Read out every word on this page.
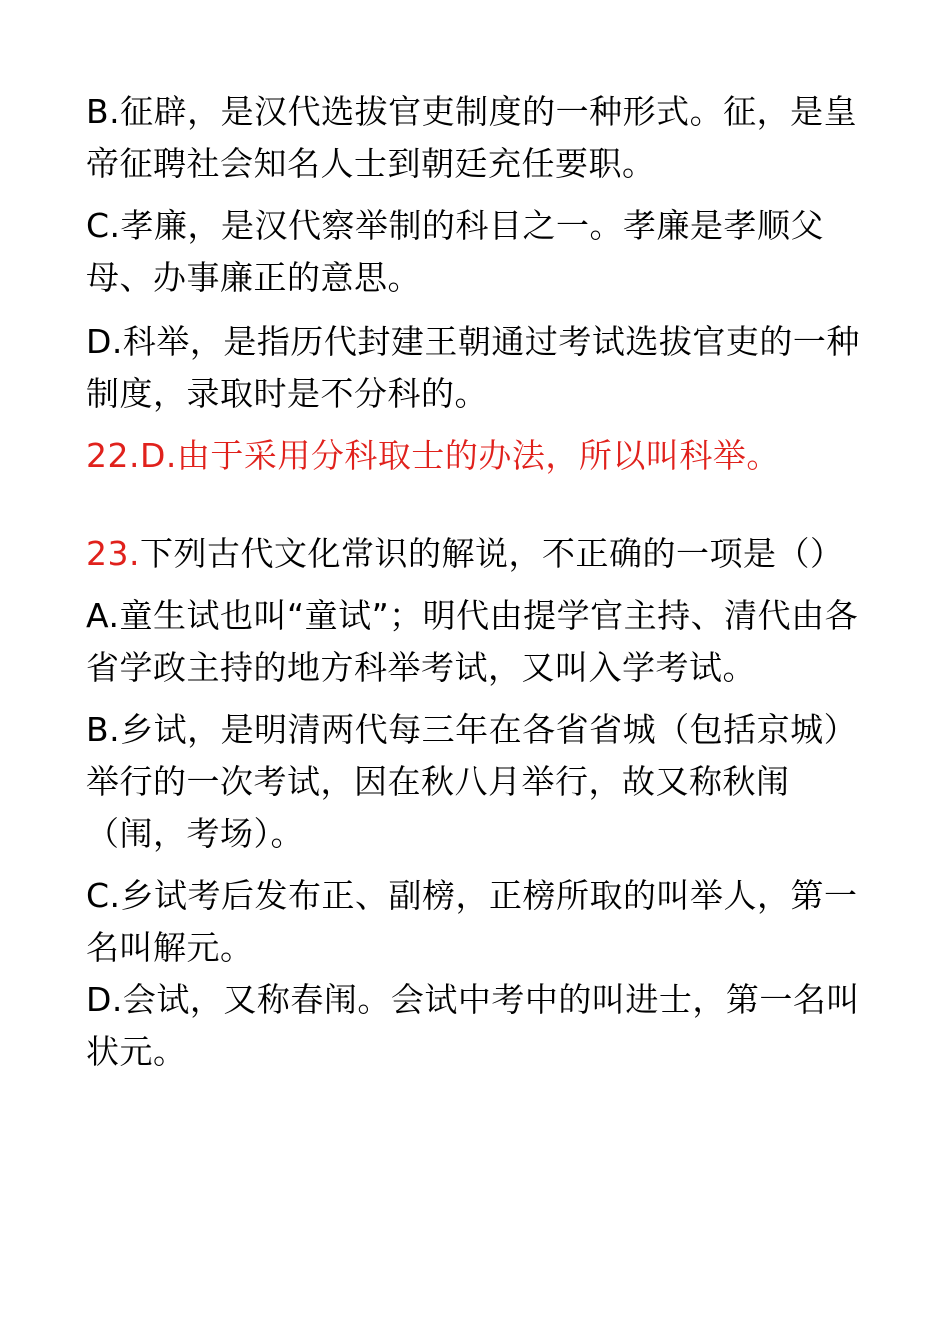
B.征辟，是汉代选拔官吏制度的一种形式。征，是皇帝征聘社会知名人士到朝廷充任要职。

C.孝廉，是汉代察举制的科目之一。孝廉是孝顺父母、办事廉正的意思。

D.科举，是指历代封建王朝通过考试选拔官吏的一种制度，录取时是不分科的。

22.D.由于采用分科取士的办法，所以叫科举。

23.下列古代文化常识的解说，不正确的一项是（）

A.童生试也叫“童试”；明代由提学官主持、清代由各省学政主持的地方科举考试，又叫入学考试。

B.乡试，是明清两代每三年在各省省城（包括京城）举行的一次考试，因在秋八月举行，故又称秋闱（闱，考场）。

C.乡试考后发布正、副榜，正榜所取的叫举人，第一名叫解元。

D.会试，又称春闱。会试中考中的叫进士，第一名叫状元。
